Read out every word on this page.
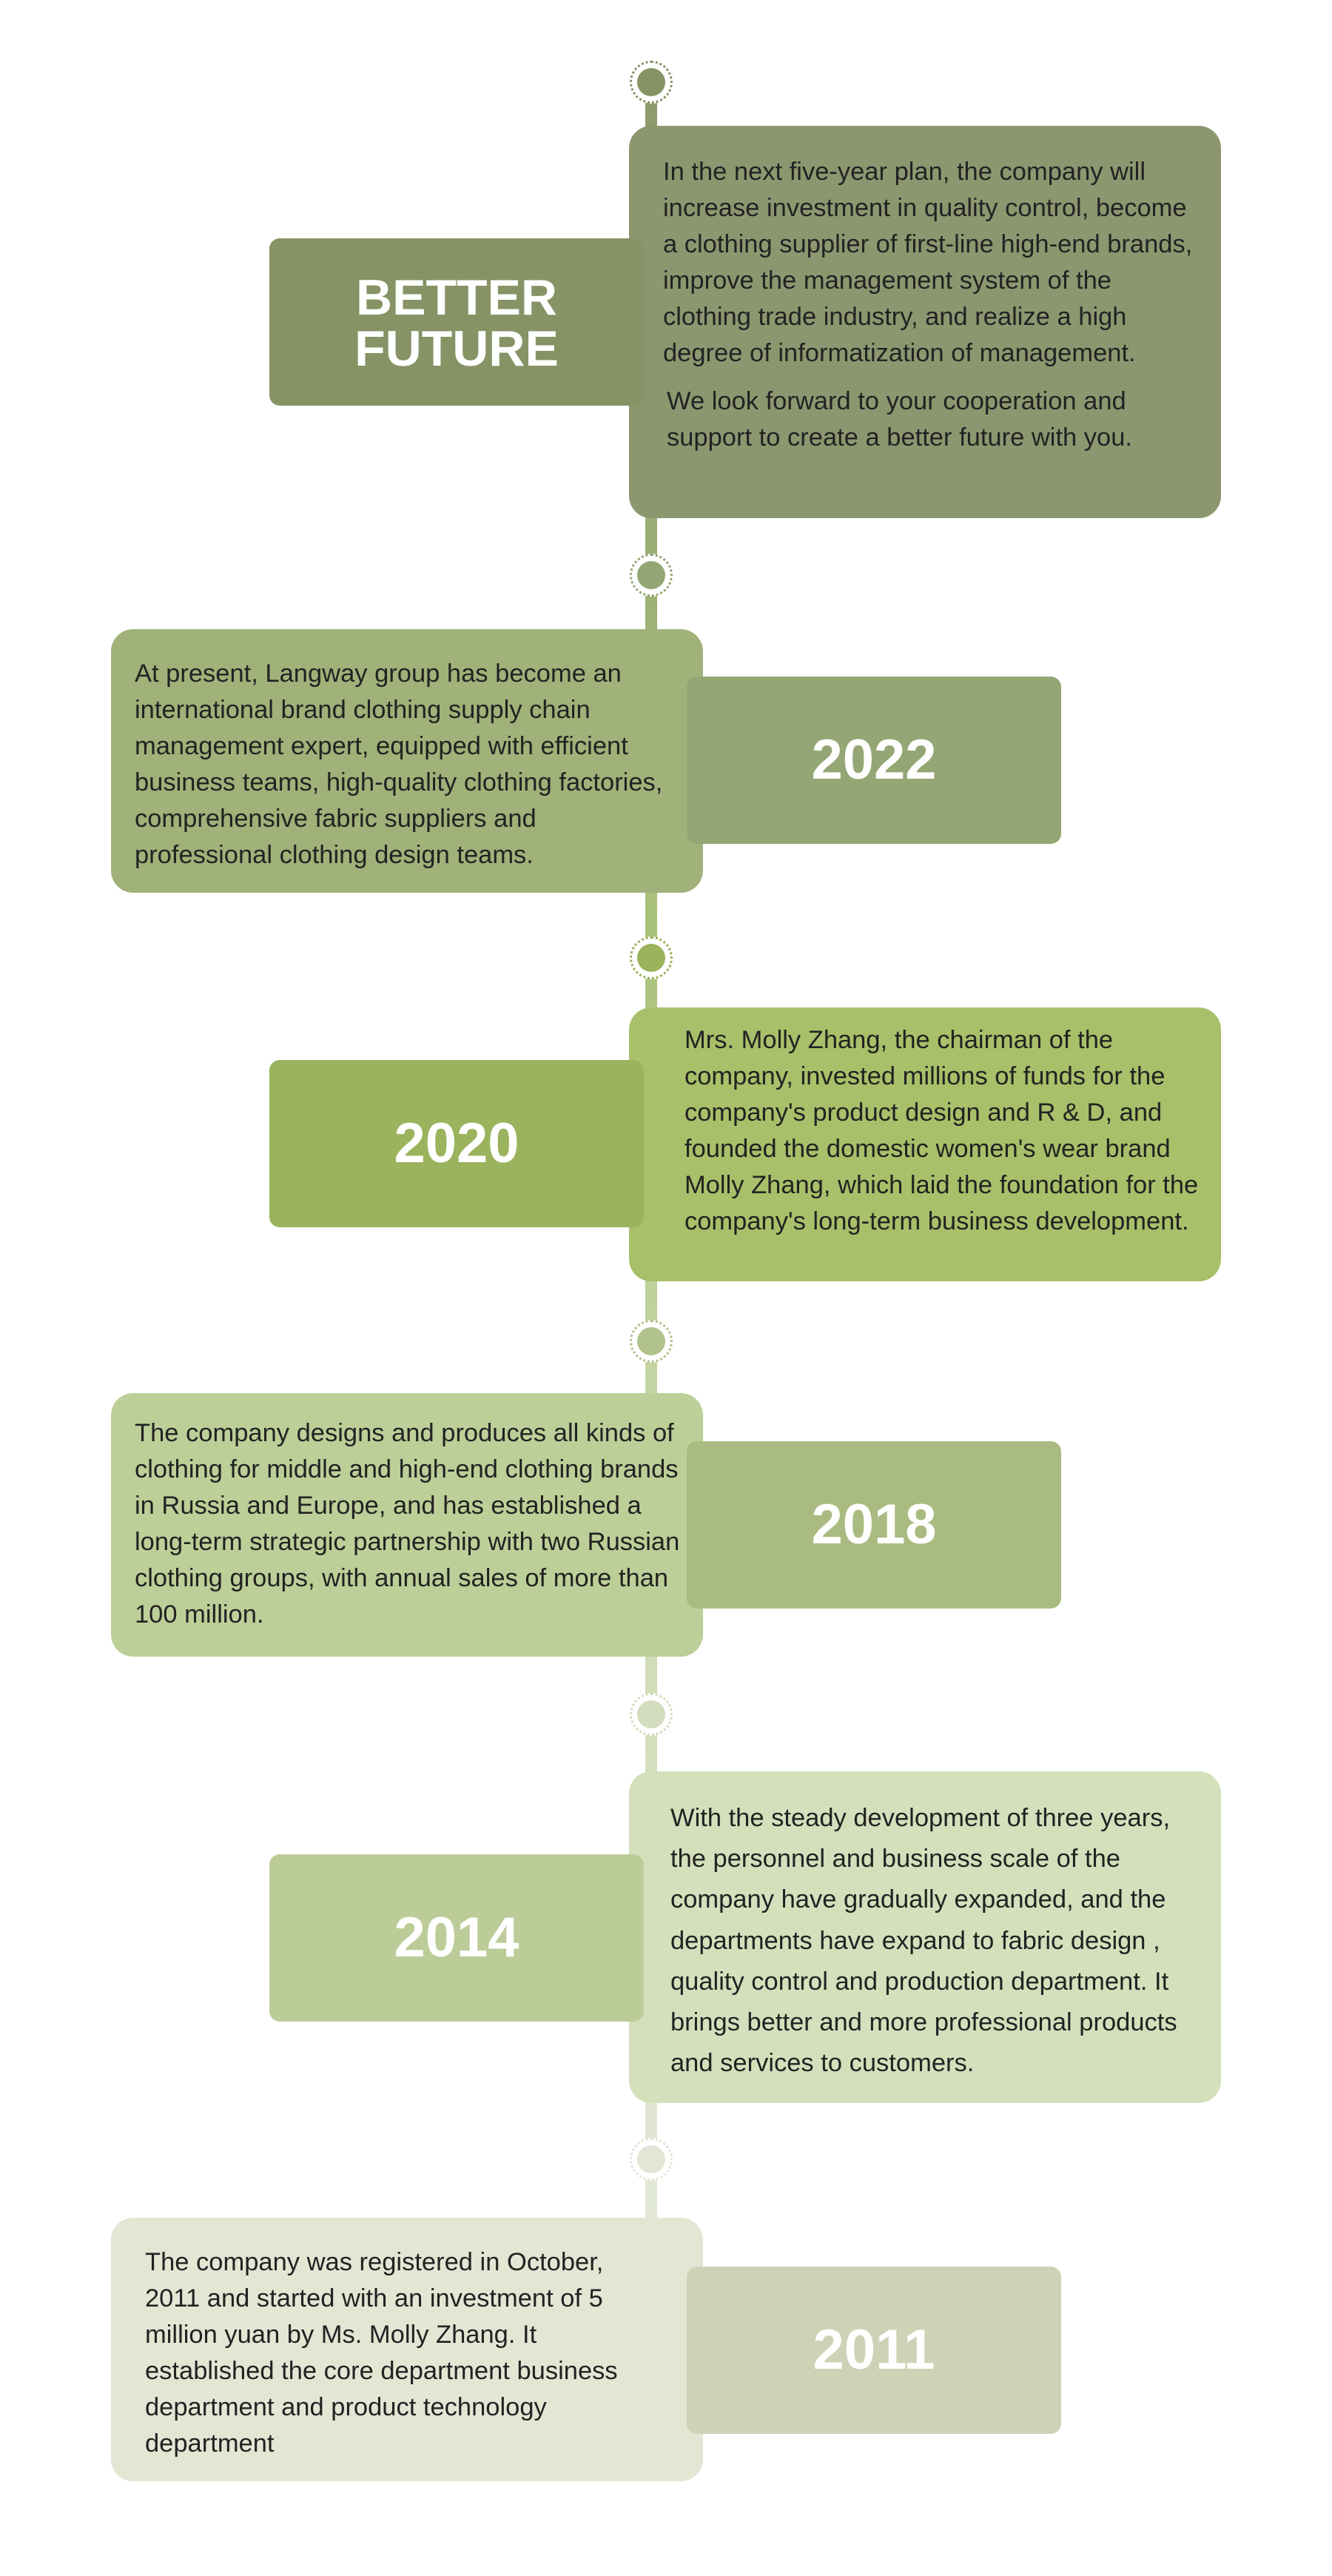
In the next five-year plan, the company will increase investment in quality control, become a clothing supplier of first-line high-end brands, improve the management system of the clothing trade industry, and realize a high degree of informatization of management.

We look forward to your cooperation and support to create a better future with you.

BETTER
FUTURE

At present, Langway group has become an international brand clothing supply chain management expert, equipped with efficient business teams, high-quality clothing factories, comprehensive fabric suppliers and professional clothing design teams.

2022

Mrs. Molly Zhang, the chairman of the company, invested millions of funds for the company's product design and R & D, and founded the domestic women's wear brand Molly Zhang, which laid the foundation for the company's long-term business development.

2020

The company designs and produces all kinds of clothing for middle and high-end clothing brands in Russia and Europe, and has established a long-term strategic partnership with two Russian clothing groups, with annual sales of more than 100 million.

2018

With the steady development of three years, the personnel and business scale of the company have gradually expanded, and the departments have expand to fabric design , quality control and production department. It brings better and more professional products and services to customers.

2014

The company was registered in October, 2011 and started with an investment of 5 million yuan by Ms. Molly Zhang. It established the core department business department and product technology department

2011
